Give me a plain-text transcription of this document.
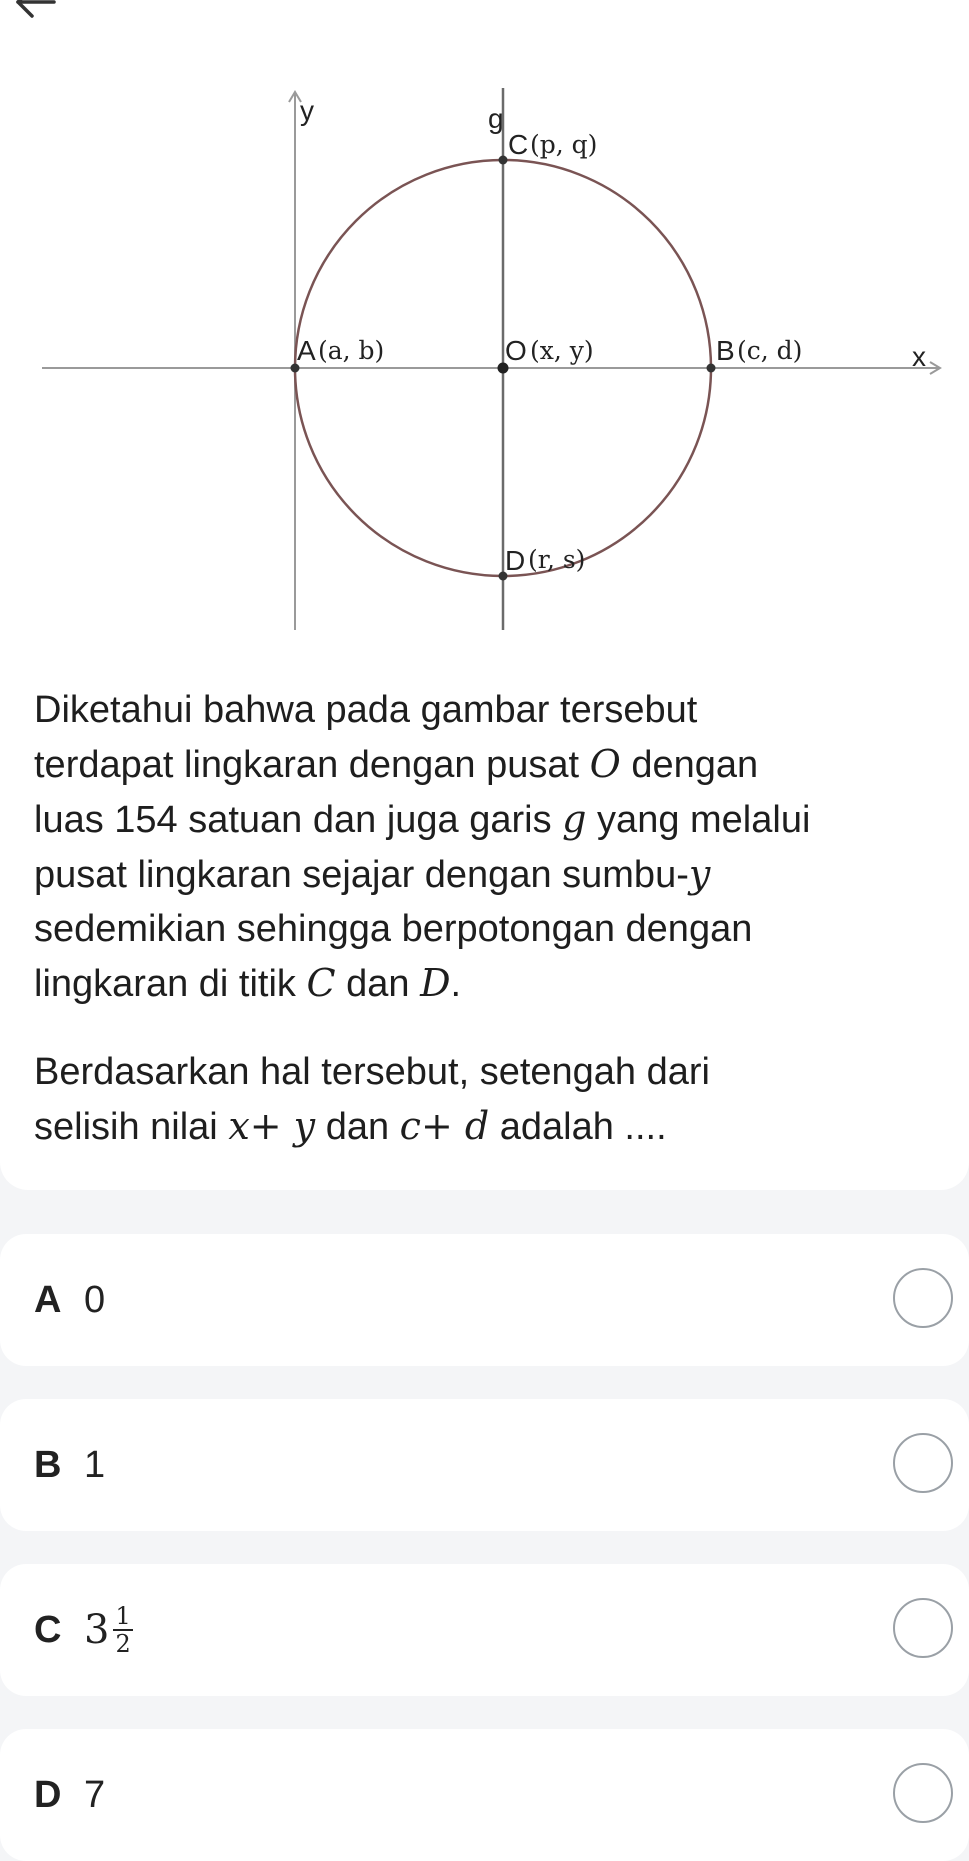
y
x
g
C (p, q)
A (a, b)	O (x, y)	B (c, d)
D (r, s)

Diketahui bahwa pada gambar tersebut
terdapat lingkaran dengan pusat O dengan
luas 154 satuan dan juga garis g yang melalui
pusat lingkaran sejajar dengan sumbu-y
sedemikian sehingga berpotongan dengan
lingkaran di titik C dan D.

Berdasarkan hal tersebut, setengah dari
selisih nilai x+ y dan c+ d adalah ....

A 0
B 1
C $3 \frac{1}{2}$
D 7
